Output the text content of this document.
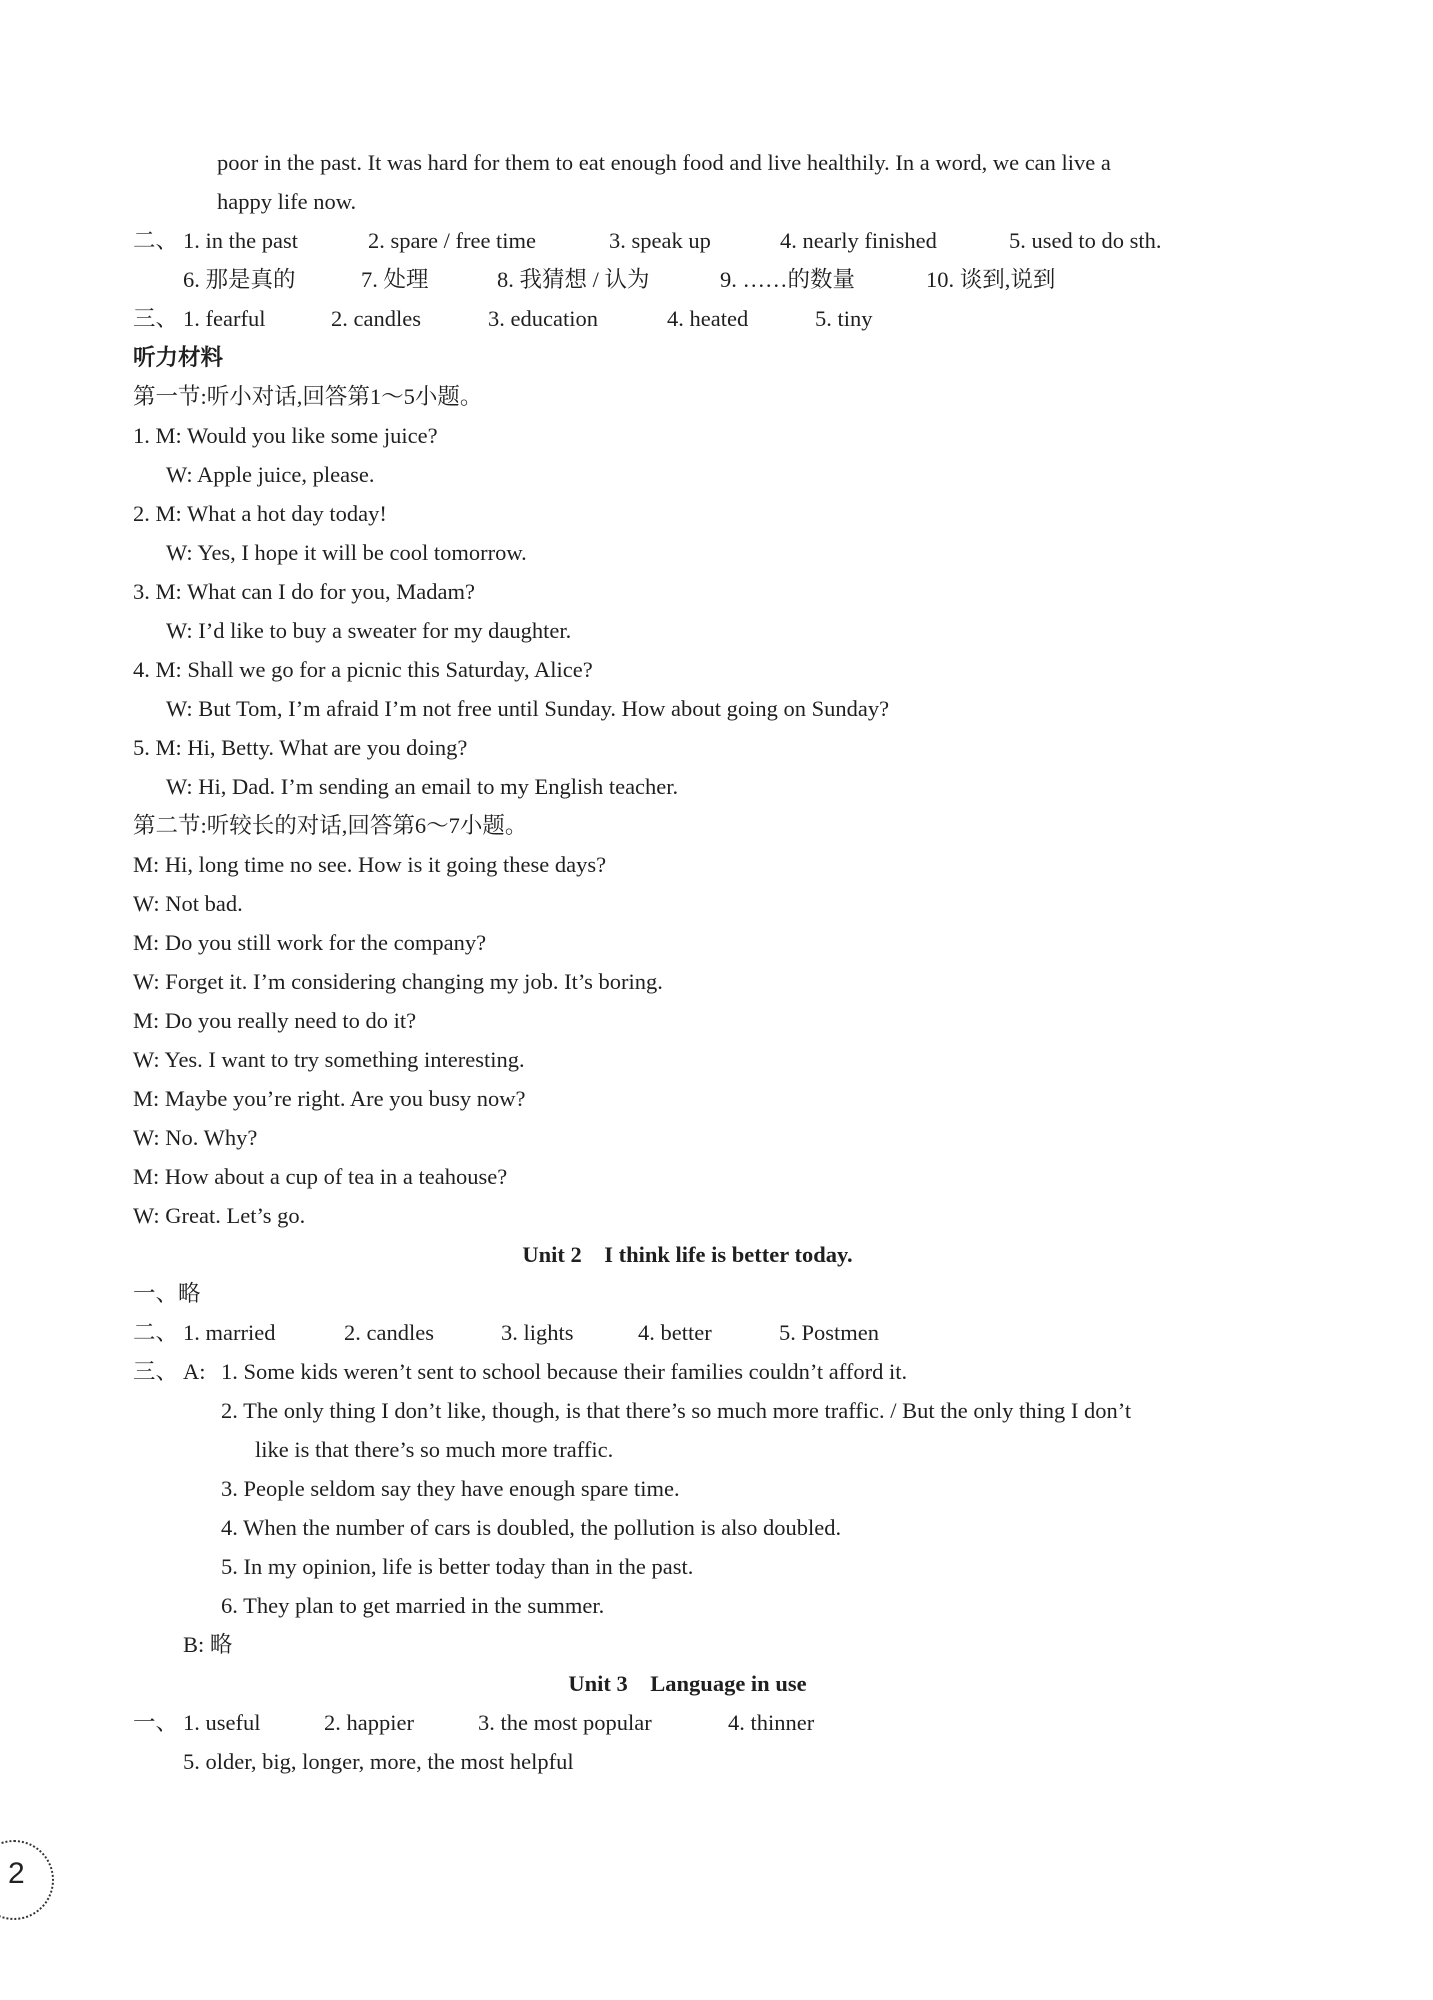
poor in the past. It was hard for them to eat enough food and live healthily. In a word, we can live a
happy life now.
二、 1. in the past	2. spare / free time	3. speak up	4. nearly finished	5. used to do sth.
6. 那是真的	7. 处理	8. 我猜想 / 认为	9. ……的数量	10. 谈到,说到
三、 1. fearful	2. candles	3. education	4. heated	5. tiny
听力材料
第一节:听小对话,回答第1～5小题。
1. M: Would you like some juice?
W: Apple juice, please.
2. M: What a hot day today!
W: Yes, I hope it will be cool tomorrow.
3. M: What can I do for you, Madam?
W: I’d like to buy a sweater for my daughter.
4. M: Shall we go for a picnic this Saturday, Alice?
W: But Tom, I’m afraid I’m not free until Sunday. How about going on Sunday?
5. M: Hi, Betty. What are you doing?
W: Hi, Dad. I’m sending an email to my English teacher.
第二节:听较长的对话,回答第6～7小题。
M: Hi, long time no see. How is it going these days?
W: Not bad.
M: Do you still work for the company?
W: Forget it. I’m considering changing my job. It’s boring.
M: Do you really need to do it?
W: Yes. I want to try something interesting.
M: Maybe you’re right. Are you busy now?
W: No. Why?
M: How about a cup of tea in a teahouse?
W: Great. Let’s go.
Unit 2　I think life is better today.
一、略
二、 1. married	2. candles	3. lights	4. better	5. Postmen
三、 A: 1. Some kids weren’t sent to school because their families couldn’t afford it.
2. The only thing I don’t like, though, is that there’s so much more traffic. / But the only thing I don’t
like is that there’s so much more traffic.
3. People seldom say they have enough spare time.
4. When the number of cars is doubled, the pollution is also doubled.
5. In my opinion, life is better today than in the past.
6. They plan to get married in the summer.
B: 略
Unit 3　Language in use
一、 1. useful	2. happier	3. the most popular	4. thinner
5. older, big, longer, more, the most helpful
2
